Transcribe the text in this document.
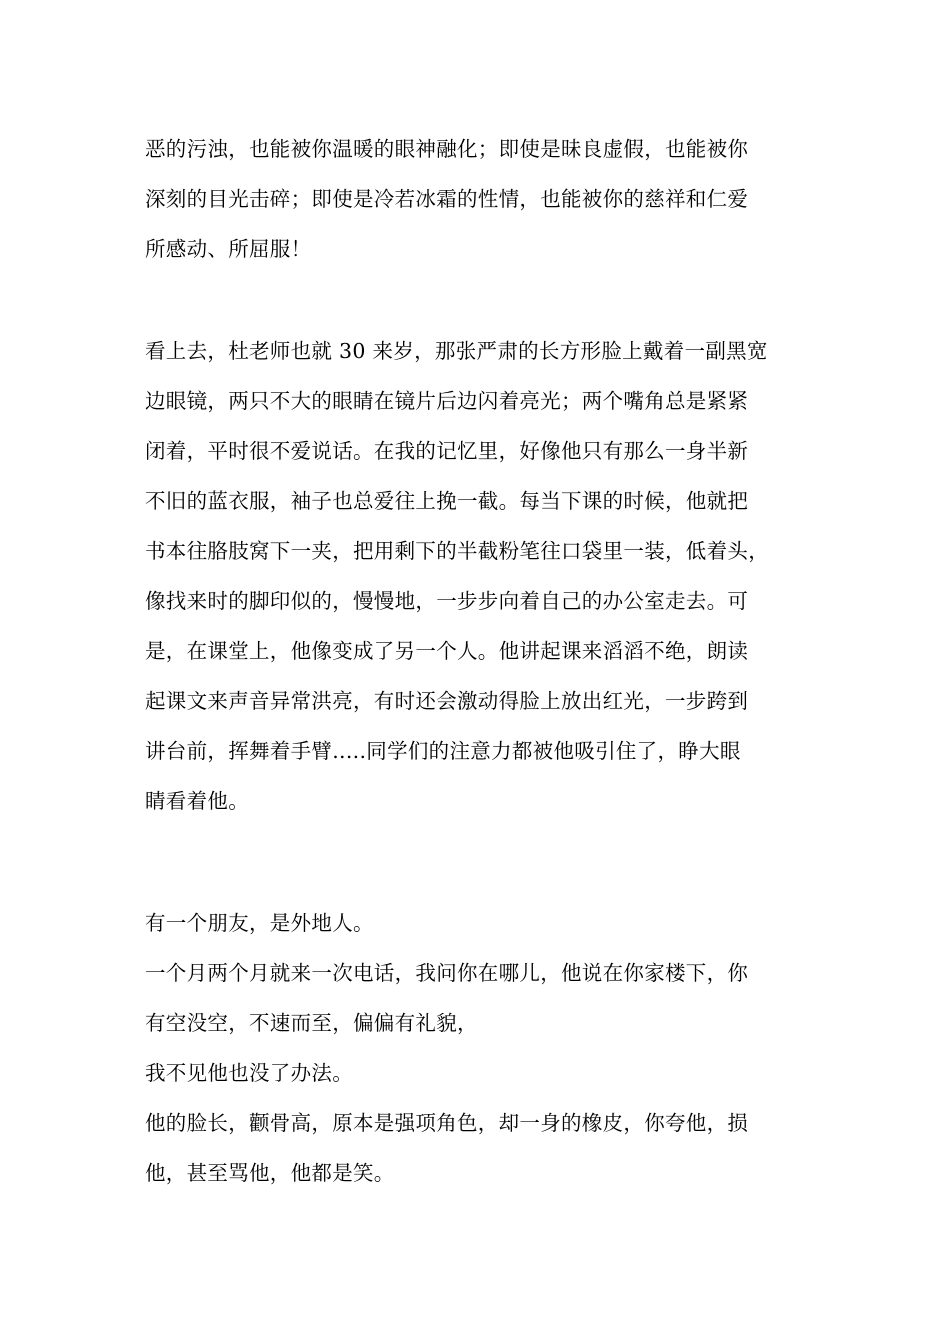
恶的污浊，也能被你温暖的眼神融化；即使是昧良虚假，也能被你
深刻的目光击碎；即使是冷若冰霜的性情，也能被你的慈祥和仁爱
所感动、所屈服！
看上去，杜老师也就 30 来岁，那张严肃的长方形脸上戴着一副黑宽
边眼镜，两只不大的眼睛在镜片后边闪着亮光；两个嘴角总是紧紧
闭着，平时很不爱说话。在我的记忆里，好像他只有那么一身半新
不旧的蓝衣服，袖子也总爱往上挽一截。每当下课的时候，他就把
书本往胳肢窝下一夹，把用剩下的半截粉笔往口袋里一装，低着头，
像找来时的脚印似的，慢慢地，一步步向着自己的办公室走去。可
是，在课堂上，他像变成了另一个人。他讲起课来滔滔不绝，朗读
起课文来声音异常洪亮，有时还会激动得脸上放出红光，一步跨到
讲台前，挥舞着手臂.....同学们的注意力都被他吸引住了，睁大眼
睛看着他。
有一个朋友，是外地人。
一个月两个月就来一次电话，我问你在哪儿，他说在你家楼下，你
有空没空，不速而至，偏偏有礼貌，
我不见他也没了办法。
他的脸长，颧骨高，原本是强项角色，却一身的橡皮，你夸他，损
他，甚至骂他，他都是笑。
